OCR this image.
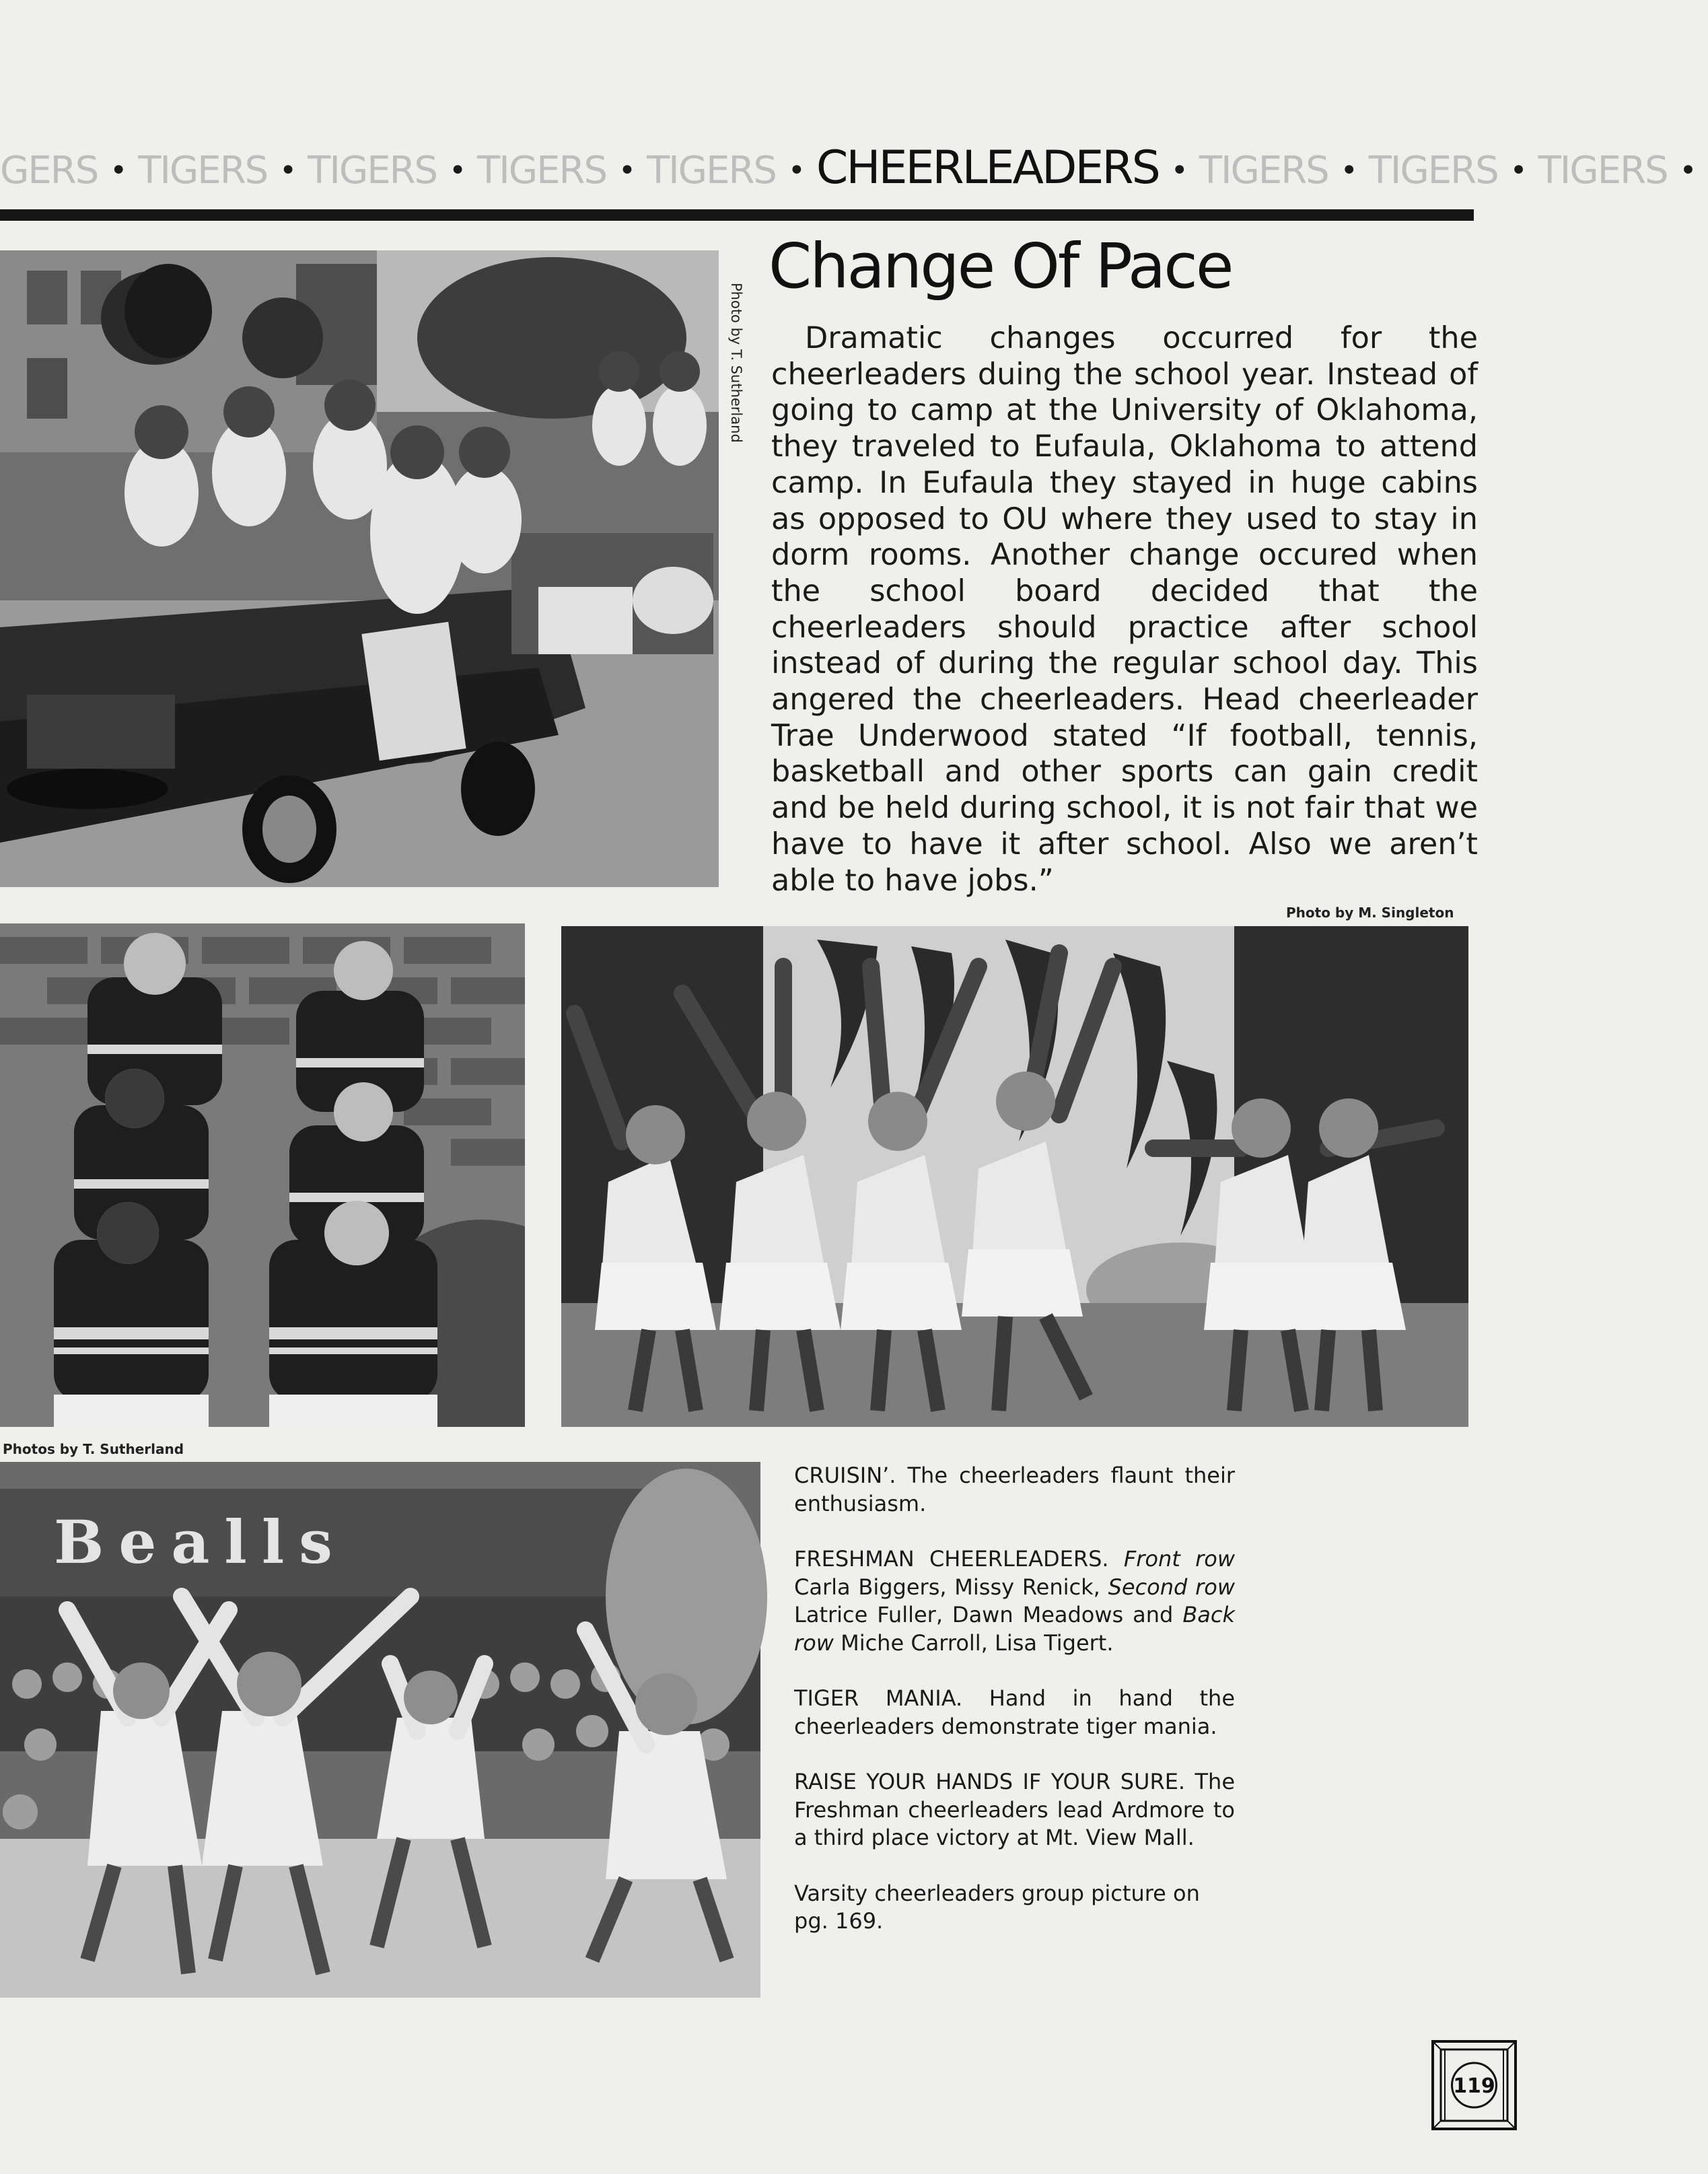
GERS • TIGERS • TIGERS • TIGERS • TIGERS • CHEERLEADERS • TIGERS • TIGERS • TIGERS •
Photo by T. Sutherland
Change Of Pace

Dramatic changes occurred for the cheerleaders duing the school year. Instead of going to camp at the University of Oklahoma, they traveled to Eufaula, Oklahoma to attend camp. In Eufaula they stayed in huge cabins as opposed to OU where they used to stay in dorm rooms. Another change occured when the school board decided that the cheerleaders should practice after school instead of during the regular school day. This angered the cheerleaders. Head cheerleader Trae Underwood stated “If football, tennis, basketball and other sports can gain credit and be held during school, it is not fair that we have to have it after school. Also we aren’t able to have jobs.”

Photo by M. Singleton
Photos by T. Sutherland
Bealls

CRUISIN’. The cheerleaders flaunt their enthusiasm.

FRESHMAN CHEERLEADERS. Front row Carla Biggers, Missy Renick, Second row Latrice Fuller, Dawn Meadows and Back row Miche Carroll, Lisa Tigert.

TIGER MANIA. Hand in hand the cheerleaders demonstrate tiger mania.

RAISE YOUR HANDS IF YOUR SURE. The Freshman cheerleaders lead Ardmore to a third place victory at Mt. View Mall.

Varsity cheerleaders group picture on pg. 169.

119
